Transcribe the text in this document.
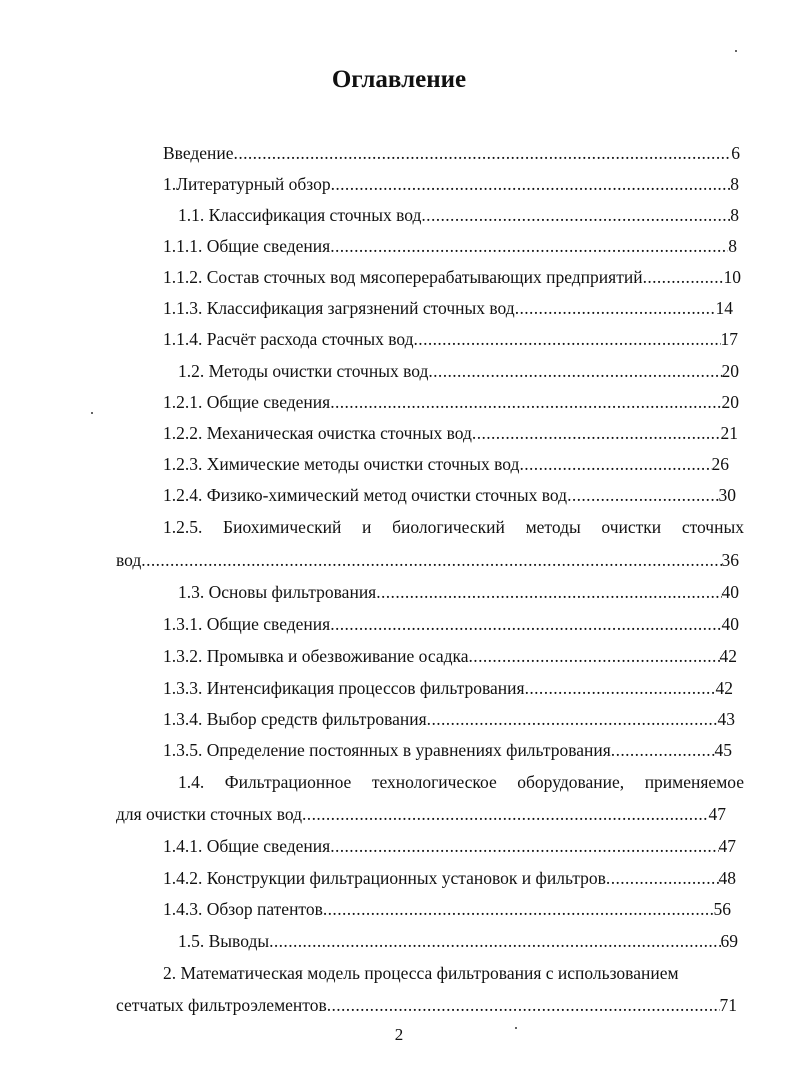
Оглавление
Введение .....	6
1.Литературный обзор .....	8
1.1. Классификация сточных вод .....	8
1.1.1. Общие сведения .....	8
1.1.2. Состав сточных вод мясоперерабатывающих предприятий .....	10
1.1.3. Классификация загрязнений сточных вод .....	14
1.1.4. Расчёт расхода сточных вод .....	17
1.2. Методы очистки сточных вод .....	20
1.2.1. Общие сведения .....	20
1.2.2. Механическая очистка сточных вод .....	21
1.2.3. Химические методы очистки сточных вод .....	26
1.2.4. Физико-химический метод очистки сточных вод .....	30
1.2.5. Биохимический и биологический методы очистки сточных
вод .....	36
1.3. Основы фильтрования .....	40
1.3.1. Общие сведения .....	40
1.3.2. Промывка и обезвоживание осадка .....	42
1.3.3. Интенсификация процессов фильтрования .....	42
1.3.4. Выбор средств фильтрования .....	43
1.3.5. Определение постоянных в уравнениях фильтрования .....	45
1.4. Фильтрационное технологическое оборудование, применяемое
для очистки сточных вод .....	47
1.4.1. Общие сведения .....	47
1.4.2. Конструкции фильтрационных установок и фильтров .....	48
1.4.3. Обзор патентов .....	56
1.5. Выводы .....	69
2. Математическая модель процесса фильтрования с использованием
сетчатых фильтроэлементов .....	71
2
